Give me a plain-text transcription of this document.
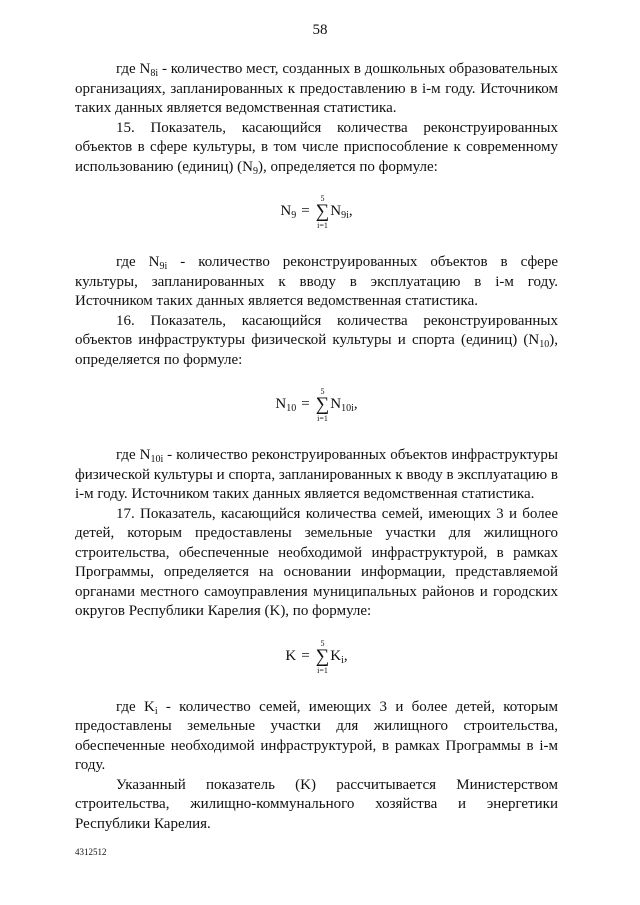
58

где $N_{8i}$ - количество мест, созданных в дошкольных образовательных организациях, запланированных к предоставлению в i-м году. Источником таких данных является ведомственная статистика.

15. Показатель, касающийся количества реконструированных объектов в сфере культуры, в том числе приспособление к современному использованию (единиц) $(N_9)$, определяется по формуле:

$N_9$ =
5
∑
i=1
$N_{9i}$,

где $N_{9i}$ - количество реконструированных объектов в сфере культуры, запланированных к вводу в эксплуатацию в i-м году. Источником таких данных является ведомственная статистика.

16. Показатель, касающийся количества реконструированных объектов инфраструктуры физической культуры и спорта (единиц) $(N_{10})$, определяется по формуле:

$N_{10}$ =
5
∑
i=1
$N_{10i}$,

где $N_{10i}$ - количество реконструированных объектов инфраструктуры физической культуры и спорта, запланированных к вводу в эксплуатацию в i-м году. Источником таких данных является ведомственная статистика.

17. Показатель, касающийся количества семей, имеющих 3 и более детей, которым предоставлены земельные участки для жилищного строительства, обеспеченные необходимой инфраструктурой, в рамках Программы, определяется на основании информации, представляемой органами местного самоуправления муниципальных районов и городских округов Республики Карелия (K), по формуле:

K =
5
∑
i=1
$K_i$,

где $K_i$ - количество семей, имеющих 3 и более детей, которым предоставлены земельные участки для жилищного строительства, обеспеченные необходимой инфраструктурой, в рамках Программы в i-м году.

Указанный показатель (K) рассчитывается Министерством строительства, жилищно-коммунального хозяйства и энергетики Республики Карелия.

4312512
